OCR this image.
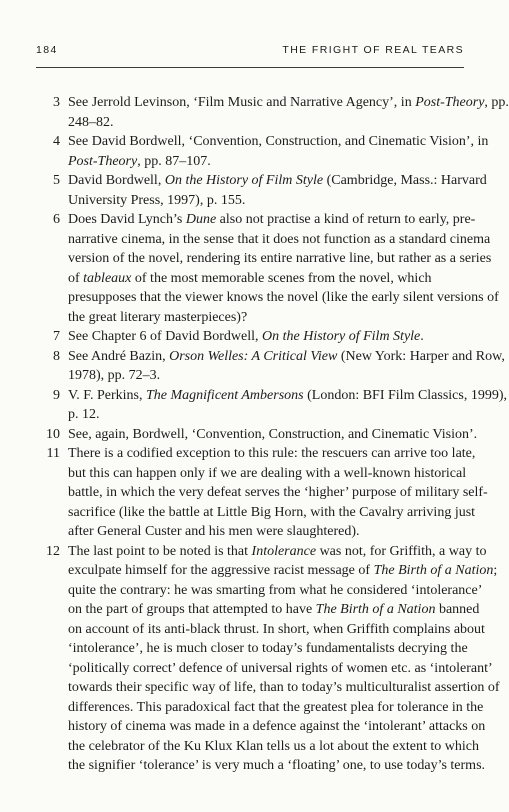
184	THE FRIGHT OF REAL TEARS
3 See Jerrold Levinson, ‘Film Music and Narrative Agency’, in Post-Theory, pp.
248–82.
4 See David Bordwell, ‘Convention, Construction, and Cinematic Vision’, in
Post-Theory, pp. 87–107.
5 David Bordwell, On the History of Film Style (Cambridge, Mass.: Harvard
University Press, 1997), p. 155.
6 Does David Lynch’s Dune also not practise a kind of return to early, pre-
narrative cinema, in the sense that it does not function as a standard cinema
version of the novel, rendering its entire narrative line, but rather as a series
of tableaux of the most memorable scenes from the novel, which
presupposes that the viewer knows the novel (like the early silent versions of
the great literary masterpieces)?
7 See Chapter 6 of David Bordwell, On the History of Film Style.
8 See André Bazin, Orson Welles: A Critical View (New York: Harper and Row,
1978), pp. 72–3.
9 V. F. Perkins, The Magnificent Ambersons (London: BFI Film Classics, 1999),
p. 12.
10 See, again, Bordwell, ‘Convention, Construction, and Cinematic Vision’.
11 There is a codified exception to this rule: the rescuers can arrive too late,
but this can happen only if we are dealing with a well-known historical
battle, in which the very defeat serves the ‘higher’ purpose of military self-
sacrifice (like the battle at Little Big Horn, with the Cavalry arriving just
after General Custer and his men were slaughtered).
12 The last point to be noted is that Intolerance was not, for Griffith, a way to
exculpate himself for the aggressive racist message of The Birth of a Nation;
quite the contrary: he was smarting from what he considered ‘intolerance’
on the part of groups that attempted to have The Birth of a Nation banned
on account of its anti-black thrust. In short, when Griffith complains about
‘intolerance’, he is much closer to today’s fundamentalists decrying the
‘politically correct’ defence of universal rights of women etc. as ‘intolerant’
towards their specific way of life, than to today’s multiculturalist assertion of
differences. This paradoxical fact that the greatest plea for tolerance in the
history of cinema was made in a defence against the ‘intolerant’ attacks on
the celebrator of the Ku Klux Klan tells us a lot about the extent to which
the signifier ‘tolerance’ is very much a ‘floating’ one, to use today’s terms.
